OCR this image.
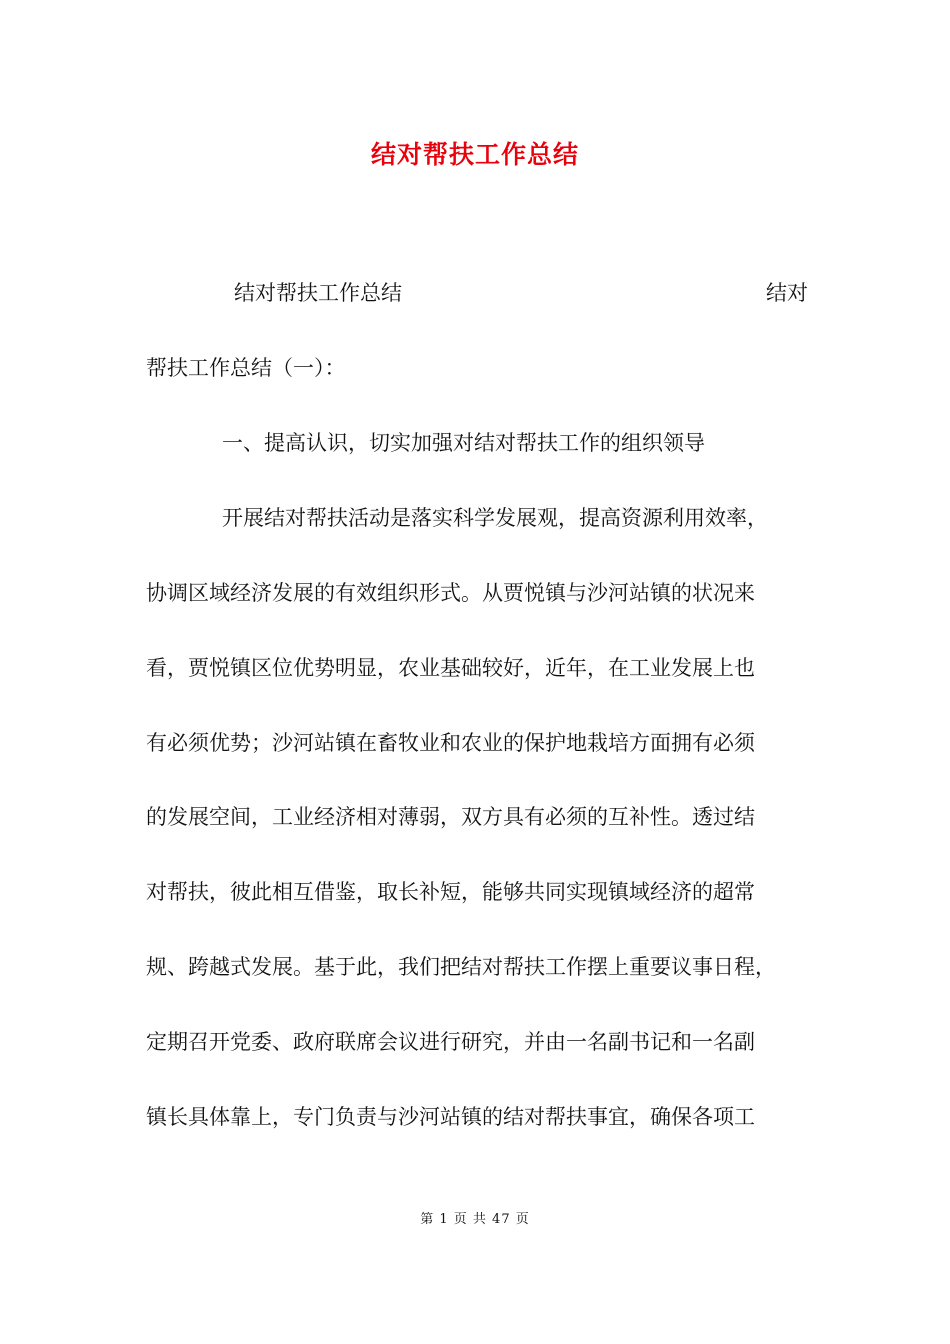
结对帮扶工作总结
结对帮扶工作总结	结对
帮扶工作总结（一）：
一、提高认识，切实加强对结对帮扶工作的组织领导
开展结对帮扶活动是落实科学发展观，提高资源利用效率，
协调区域经济发展的有效组织形式。从贾悦镇与沙河站镇的状况来
看，贾悦镇区位优势明显，农业基础较好，近年，在工业发展上也
有必须优势；沙河站镇在畜牧业和农业的保护地栽培方面拥有必须
的发展空间，工业经济相对薄弱，双方具有必须的互补性。透过结
对帮扶，彼此相互借鉴，取长补短，能够共同实现镇域经济的超常
规、跨越式发展。基于此，我们把结对帮扶工作摆上重要议事日程，
定期召开党委、政府联席会议进行研究，并由一名副书记和一名副
镇长具体靠上，专门负责与沙河站镇的结对帮扶事宜，确保各项工
第 1 页 共 47 页
